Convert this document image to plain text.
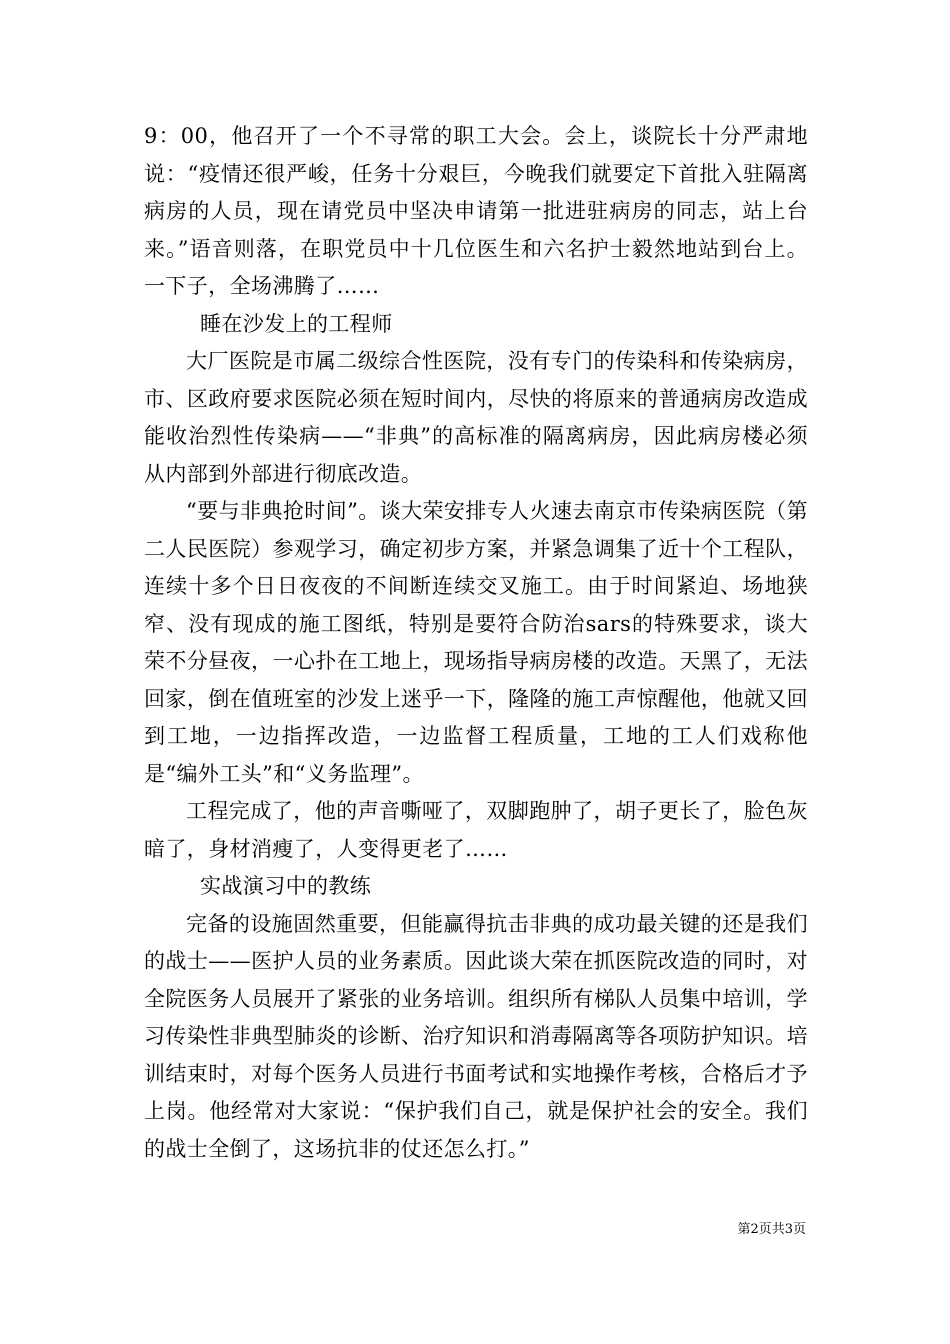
9：00，他召开了一个不寻常的职工大会。会上，谈院长十分严肃地说：“疫情还很严峻，任务十分艰巨，今晚我们就要定下首批入驻隔离病房的人员，现在请党员中坚决申请第一批进驻病房的同志，站上台来。”语音则落，在职党员中十几位医生和六名护士毅然地站到台上。一下子，全场沸腾了……

睡在沙发上的工程师

大厂医院是市属二级综合性医院，没有专门的传染科和传染病房，市、区政府要求医院必须在短时间内，尽快的将原来的普通病房改造成能收治烈性传染病——“非典”的高标准的隔离病房，因此病房楼必须从内部到外部进行彻底改造。

“要与非典抢时间”。谈大荣安排专人火速去南京市传染病医院（第二人民医院）参观学习，确定初步方案，并紧急调集了近十个工程队，连续十多个日日夜夜的不间断连续交叉施工。由于时间紧迫、场地狭窄、没有现成的施工图纸，特别是要符合防治sars的特殊要求，谈大荣不分昼夜，一心扑在工地上，现场指导病房楼的改造。天黑了，无法回家，倒在值班室的沙发上迷乎一下，隆隆的施工声惊醒他，他就又回到工地，一边指挥改造，一边监督工程质量，工地的工人们戏称他是“编外工头”和“义务监理”。

工程完成了，他的声音嘶哑了，双脚跑肿了，胡子更长了，脸色灰暗了，身材消瘦了，人变得更老了……

实战演习中的教练

完备的设施固然重要，但能赢得抗击非典的成功最关键的还是我们的战士——医护人员的业务素质。因此谈大荣在抓医院改造的同时，对全院医务人员展开了紧张的业务培训。组织所有梯队人员集中培训，学习传染性非典型肺炎的诊断、治疗知识和消毒隔离等各项防护知识。培训结束时，对每个医务人员进行书面考试和实地操作考核，合格后才予上岗。他经常对大家说：“保护我们自己，就是保护社会的安全。我们的战士全倒了，这场抗非的仗还怎么打。”

第2页共3页
